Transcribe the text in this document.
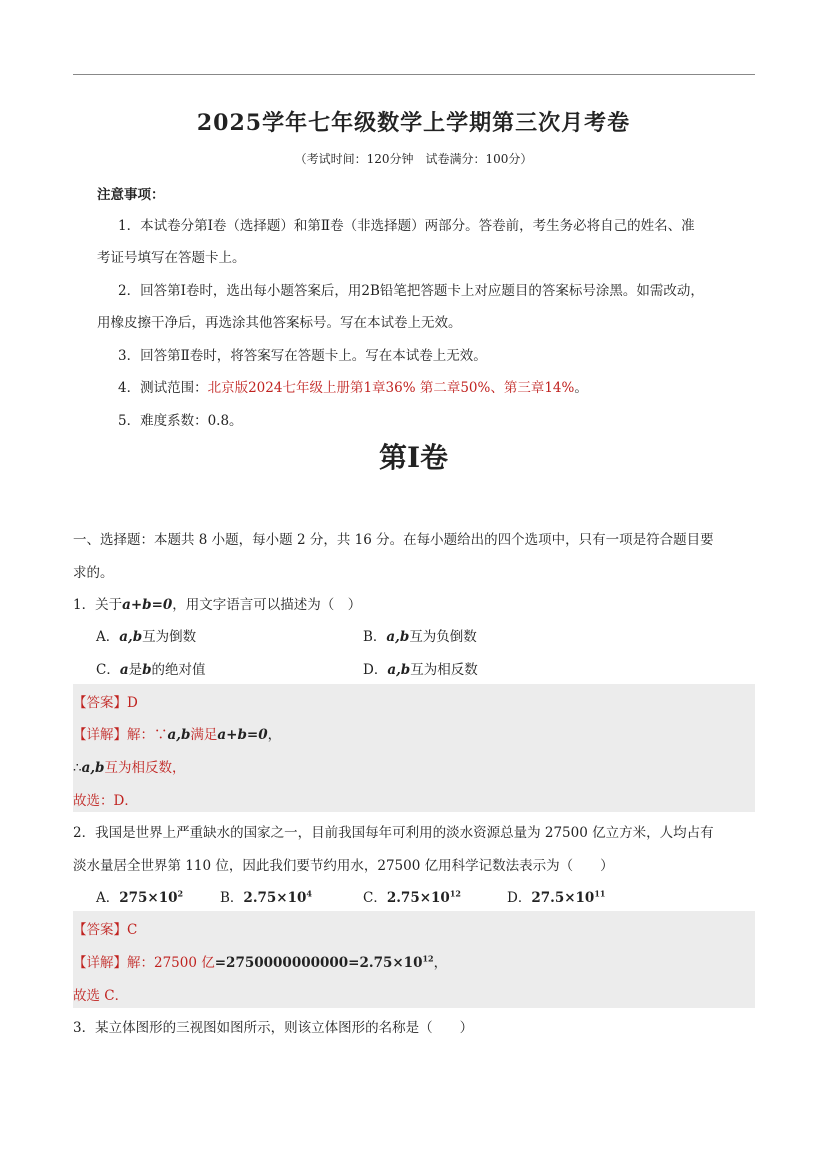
2025学年七年级数学上学期第三次月考卷
（考试时间：120分钟　试卷满分：100分）
注意事项：
1．本试卷分第Ⅰ卷（选择题）和第Ⅱ卷（非选择题）两部分。答卷前，考生务必将自己的姓名、准
考证号填写在答题卡上。
2．回答第Ⅰ卷时，选出每小题答案后，用2B铅笔把答题卡上对应题目的答案标号涂黑。如需改动，
用橡皮擦干净后，再选涂其他答案标号。写在本试卷上无效。
3．回答第Ⅱ卷时，将答案写在答题卡上。写在本试卷上无效。
4．测试范围：北京版2024七年级上册第1章36% 第二章50%、第三章14%。
5．难度系数：0.8。
第Ⅰ卷
一、选择题：本题共 8 小题，每小题 2 分，共 16 分。在每小题给出的四个选项中，只有一项是符合题目要
求的。
1．关于a+b=0，用文字语言可以描述为（　）
A．a,b互为倒数	B．a,b互为负倒数
C．a是b的绝对值	D．a,b互为相反数
【答案】D
【详解】解：∵a,b满足a+b=0，
∴a,b互为相反数，
故选：D．
2．我国是世界上严重缺水的国家之一，目前我国每年可利用的淡水资源总量为 27500 亿立方米，人均占有
淡水量居全世界第 110 位，因此我们要节约用水，27500 亿用科学记数法表示为（　　）
A．$275\times 10^2$	B．$2.75\times 10^4$	C．$2.75\times 10^{12}$	D．$27.5\times 10^{11}$
【答案】C
【详解】解：27500 亿$=2750000000000=2.75\times 10^{12}$，
故选 C．
3．某立体图形的三视图如图所示，则该立体图形的名称是（　　）
